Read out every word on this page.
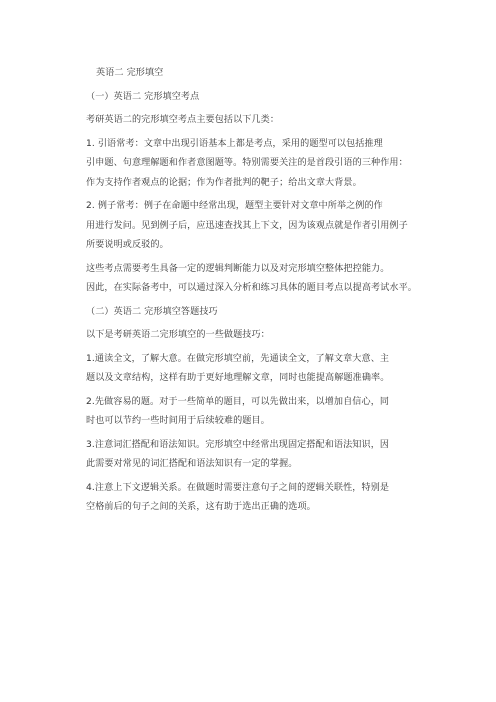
英语二 完形填空
（一）英语二 完形填空考点
考研英语二的完形填空考点主要包括以下几类：
1. 引语常考：文章中出现引语基本上都是考点，采用的题型可以包括推理
引申题、句意理解题和作者意图题等。特别需要关注的是首段引语的三种作用：
作为支持作者观点的论据；作为作者批判的靶子；给出文章大背景。
2. 例子常考：例子在命题中经常出现，题型主要针对文章中所举之例的作
用进行发问。见到例子后，应迅速查找其上下文，因为该观点就是作者引用例子
所要说明或反驳的。
这些考点需要考生具备一定的逻辑判断能力以及对完形填空整体把控能力。
因此，在实际备考中，可以通过深入分析和练习具体的题目考点以提高考试水平。
（二）英语二 完形填空答题技巧
以下是考研英语二完形填空的一些做题技巧：
1.通读全文，了解大意。在做完形填空前，先通读全文，了解文章大意、主
题以及文章结构，这样有助于更好地理解文章，同时也能提高解题准确率。
2.先做容易的题。对于一些简单的题目，可以先做出来，以增加自信心，同
时也可以节约一些时间用于后续较难的题目。
3.注意词汇搭配和语法知识。完形填空中经常出现固定搭配和语法知识，因
此需要对常见的词汇搭配和语法知识有一定的掌握。
4.注意上下文逻辑关系。在做题时需要注意句子之间的逻辑关联性，特别是
空格前后的句子之间的关系，这有助于选出正确的选项。
